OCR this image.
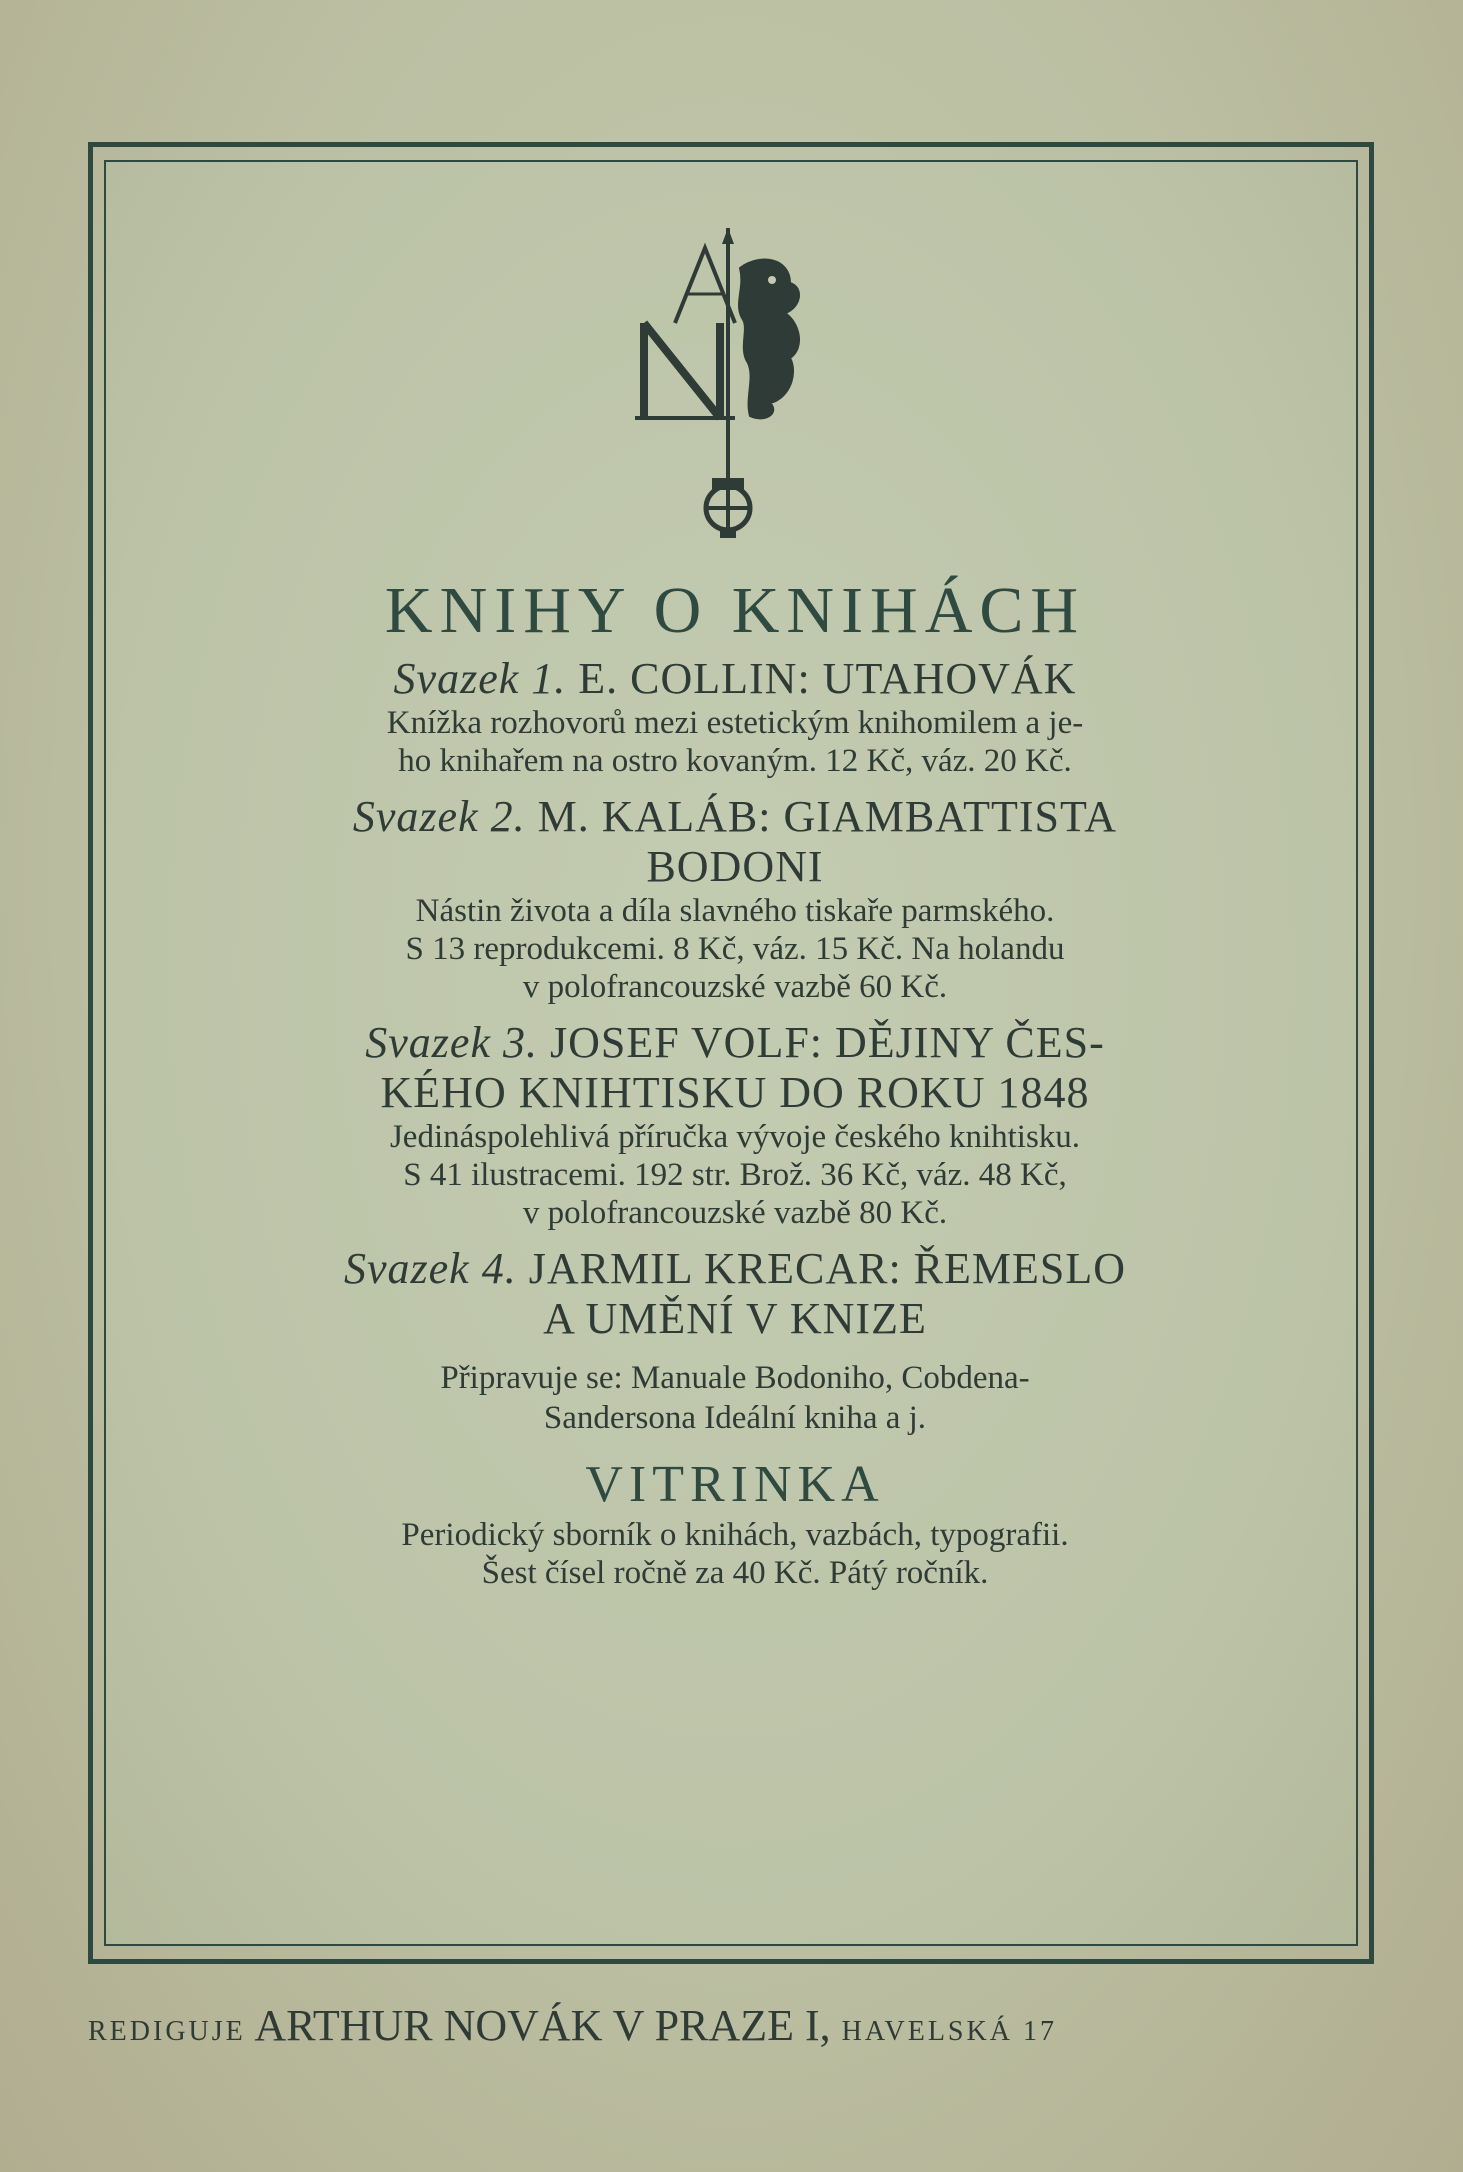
KNIHY O KNIHÁCH
Svazek 1. E. COLLIN: UTAHOVÁK
Knížka rozhovorů mezi estetickým knihomilem a je-
ho knihařem na ostro kovaným. 12 Kč, váz. 20 Kč.
Svazek 2. M. KALÁB: GIAMBATTISTA
BODONI
Nástin života a díla slavného tiskaře parmského.
S 13 reprodukcemi. 8 Kč, váz. 15 Kč. Na holandu
v polofrancouzské vazbě 60 Kč.
Svazek 3. JOSEF VOLF: DĚJINY ČES-
KÉHO KNIHTISKU DO ROKU 1848
Jedináspolehlivá příručka vývoje českého knihtisku.
S 41 ilustracemi. 192 str. Brož. 36 Kč, váz. 48 Kč,
v polofrancouzské vazbě 80 Kč.
Svazek 4. JARMIL KRECAR: ŘEMESLO
A UMĚNÍ V KNIZE
Připravuje se: Manuale Bodoniho, Cobdena-
Sandersona Ideální kniha a j.
VITRINKA
Periodický sborník o knihách, vazbách, typografii.
Šest čísel ročně za 40 Kč. Pátý ročník.
REDIGUJE ARTHUR NOVÁK V PRAZE I, HAVELSKÁ 17
